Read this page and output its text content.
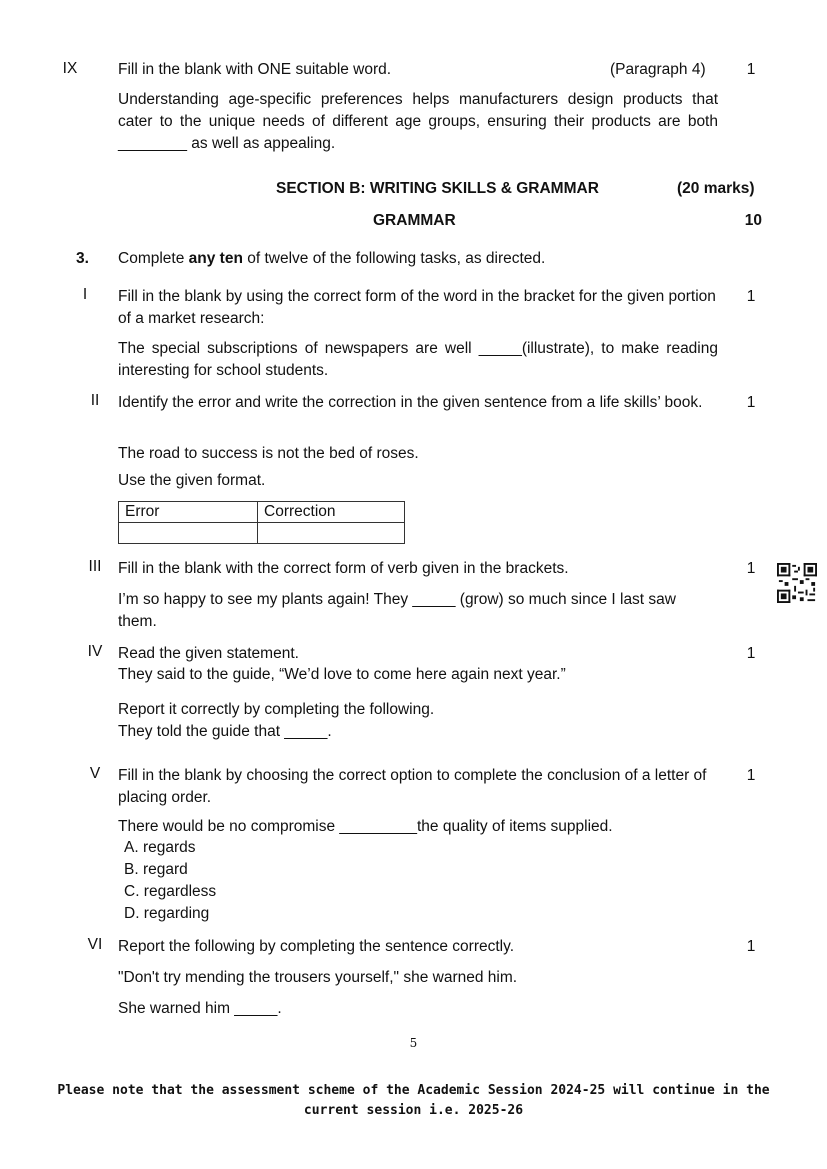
IX	Fill in the blank with ONE suitable word.	(Paragraph 4)	1
Understanding age-specific preferences helps manufacturers design products that cater to the unique needs of different age groups, ensuring their products are both ________ as well as appealing.
SECTION B: WRITING SKILLS & GRAMMAR	(20 marks)
GRAMMAR	10
3. Complete any ten of twelve of the following tasks, as directed.
I	Fill in the blank by using the correct form of the word in the bracket for the given portion of a market research:
1
The special subscriptions of newspapers are well _____(illustrate), to make reading interesting for school students.
II	Identify the error and write the correction in the given sentence from a life skills’ book.	1
The road to success is not the bed of roses.
Use the given format.
Error	Correction

III	Fill in the blank with the correct form of verb given in the brackets.	1
I’m so happy to see my plants again! They _____ (grow) so much since I last saw them.
IV	Read the given statement.	1
They said to the guide, “We’d love to come here again next year.”
Report it correctly by completing the following.
They told the guide that _____.
V	Fill in the blank by choosing the correct option to complete the conclusion of a letter of placing order.
1
There would be no compromise _________the quality of items supplied.
A. regards
B. regard
C. regardless
D. regarding
VI	Report the following by completing the sentence correctly.	1
"Don't try mending the trousers yourself," she warned him.
She warned him _____.
5
Please note that the assessment scheme of the Academic Session 2024-25 will continue in the
current session i.e. 2025-26
